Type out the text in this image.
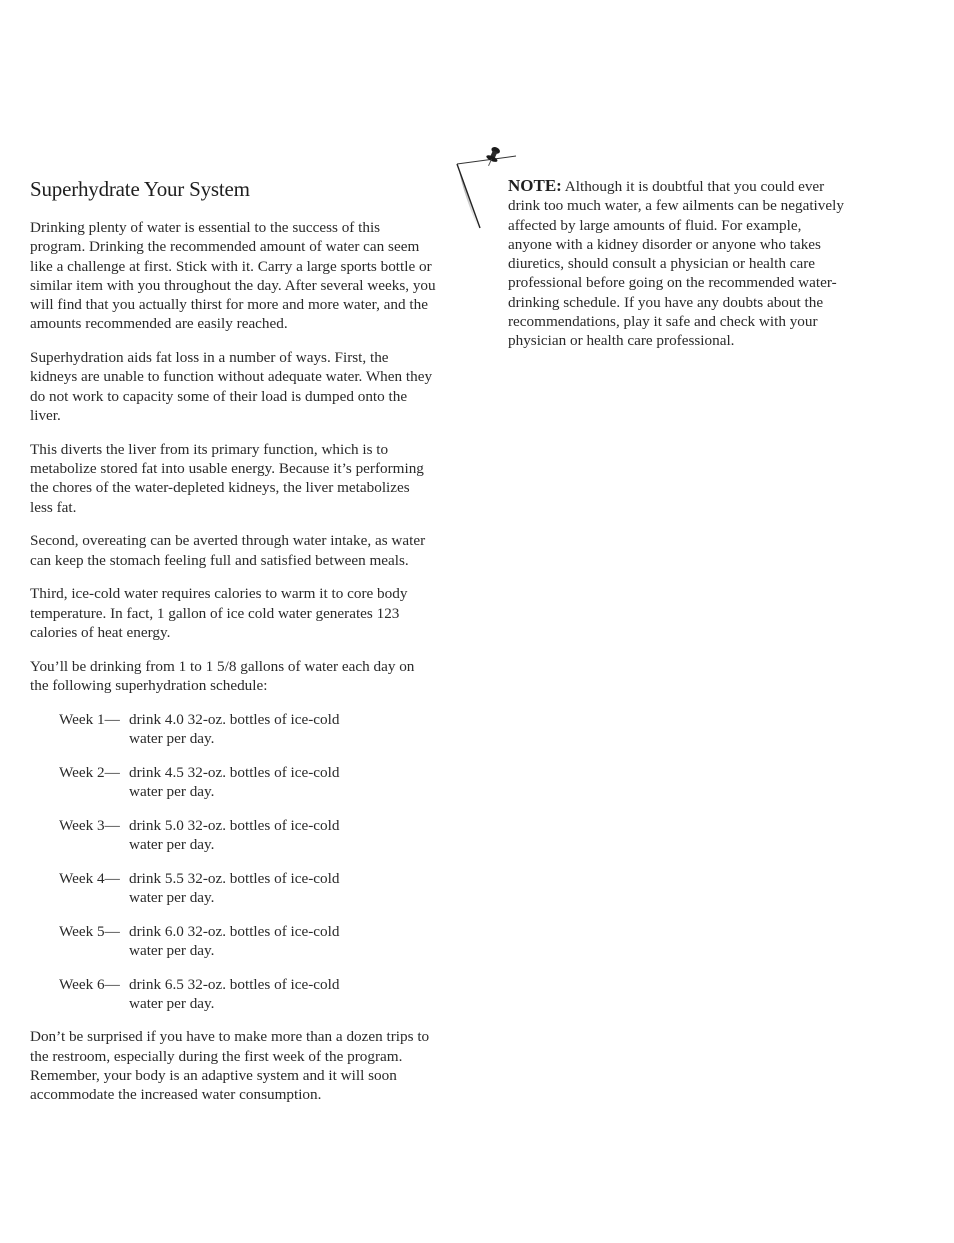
Superhydrate Your System

Drinking plenty of water is essential to the success of this program. Drinking the recommended amount of water can seem like a challenge at first. Stick with it. Carry a large sports bottle or similar item with you throughout the day. After several weeks, you will find that you actually thirst for more and more water, and the amounts recommended are easily reached.

Superhydration aids fat loss in a number of ways. First, the kidneys are unable to function without adequate water. When they do not work to capacity some of their load is dumped onto the liver.

This diverts the liver from its primary function, which is to metabolize stored fat into usable energy. Because it’s performing the chores of the water-depleted kidneys, the liver metabolizes less fat.

Second, overeating can be averted through water intake, as water can keep the stomach feeling full and satisfied between meals.

Third, ice-cold water requires calories to warm it to core body temperature. In fact, 1 gallon of ice cold water generates 123 calories of heat energy.

You’ll be drinking from 1 to 1 5/8 gallons of water each day on the following superhydration schedule:

Week 1— drink 4.0 32-oz. bottles of ice-cold water per day.
Week 2— drink 4.5 32-oz. bottles of ice-cold water per day.
Week 3— drink 5.0 32-oz. bottles of ice-cold water per day.
Week 4— drink 5.5 32-oz. bottles of ice-cold water per day.
Week 5— drink 6.0 32-oz. bottles of ice-cold water per day.
Week 6— drink 6.5 32-oz. bottles of ice-cold water per day.

Don’t be surprised if you have to make more than a dozen trips to the restroom, especially during the first week of the program. Remember, your body is an adaptive system and it will soon accommodate the increased water consumption.

NOTE: Although it is doubtful that you could ever drink too much water, a few ailments can be negatively affected by large amounts of fluid. For example, anyone with a kidney disorder or anyone who takes diuretics, should consult a physician or health care professional before going on the recommended water-drinking schedule. If you have any doubts about the recommendations, play it safe and check with your physician or health care professional.
